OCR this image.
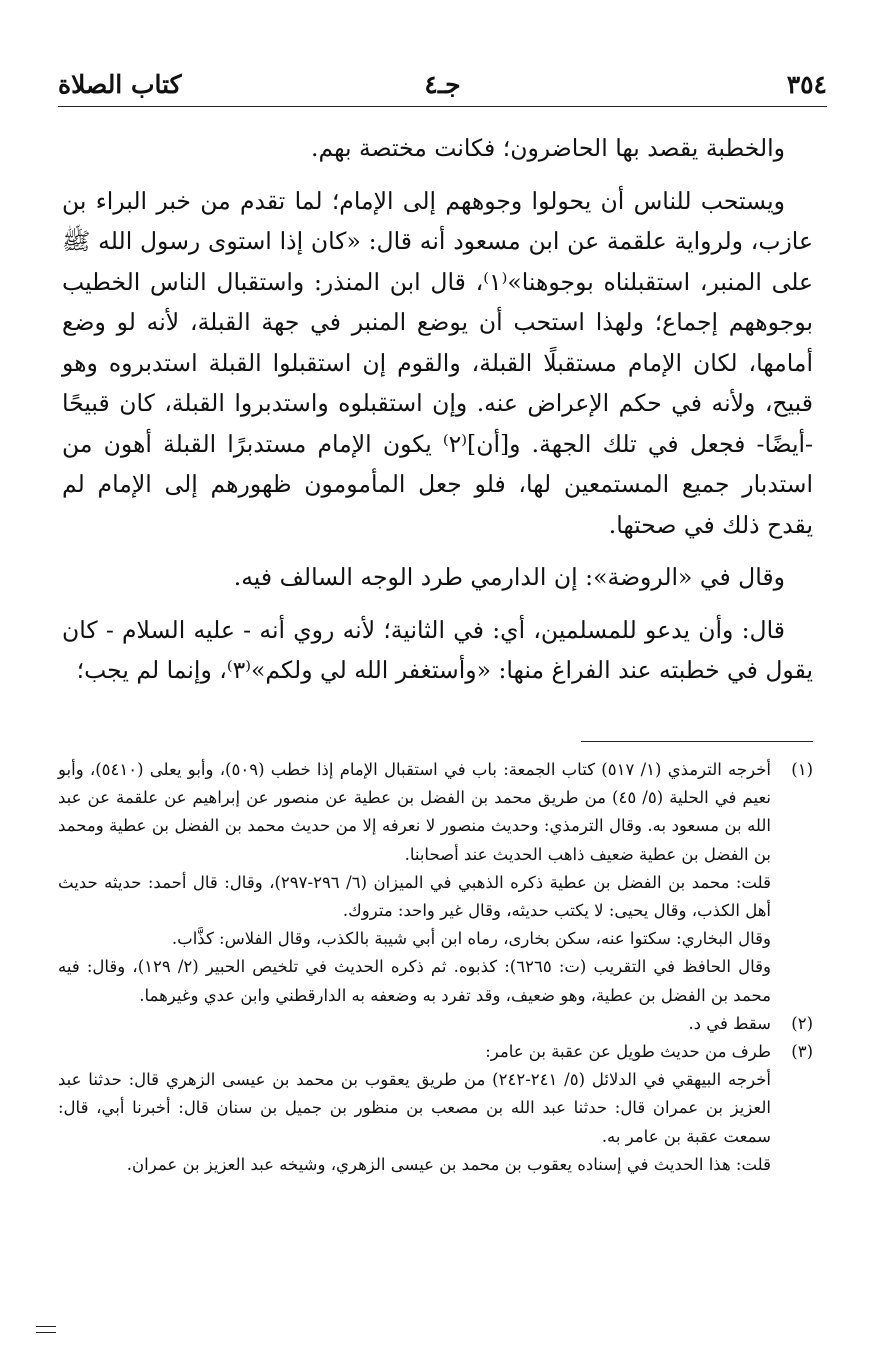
كتاب الصلاة	جـ٤	٣٥٤

والخطبة يقصد بها الحاضرون؛ فكانت مختصة بهم.

ويستحب للناس أن يحولوا وجوههم إلى الإمام؛ لما تقدم من خبر البراء بن عازب، ولرواية علقمة عن ابن مسعود أنه قال: «كان إذا استوى رسول الله ﷺ على المنبر، استقبلناه بوجوهنا»⁽١⁾، قال ابن المنذر: واستقبال الناس الخطيب بوجوههم إجماع؛ ولهذا استحب أن يوضع المنبر في جهة القبلة، لأنه لو وضع أمامها، لكان الإمام مستقبلًا القبلة، والقوم إن استقبلوا القبلة استدبروه وهو قبيح، ولأنه في حكم الإعراض عنه. وإن استقبلوه واستدبروا القبلة، كان قبيحًا -أيضًا- فجعل في تلك الجهة. و[أن]⁽٢⁾ يكون الإمام مستدبرًا القبلة أهون من استدبار جميع المستمعين لها، فلو جعل المأمومون ظهورهم إلى الإمام لم يقدح ذلك في صحتها.

وقال في «الروضة»: إن الدارمي طرد الوجه السالف فيه.

قال: وأن يدعو للمسلمين، أي: في الثانية؛ لأنه روي أنه - عليه السلام - كان يقول في خطبته عند الفراغ منها: «وأستغفر الله لي ولكم»⁽٣⁾، وإنما لم يجب؛

(١)

أخرجه الترمذي (١/ ٥١٧) كتاب الجمعة: باب في استقبال الإمام إذا خطب (٥٠٩)، وأبو يعلى (٥٤١٠)، وأبو نعيم في الحلية (٥/ ٤٥) من طريق محمد بن الفضل بن عطية عن منصور عن إبراهيم عن علقمة عن عبد الله بن مسعود به. وقال الترمذي: وحديث منصور لا نعرفه إلا من حديث محمد بن الفضل بن عطية ومحمد بن الفضل بن عطية ضعيف ذاهب الحديث عند أصحابنا.

قلت: محمد بن الفضل بن عطية ذكره الذهبي في الميزان (٦/ ٢٩٦-٢٩٧)، وقال: قال أحمد: حديثه حديث أهل الكذب، وقال يحيى: لا يكتب حديثه، وقال غير واحد: متروك.

وقال البخاري: سكتوا عنه، سكن بخارى، رماه ابن أبي شيبة بالكذب، وقال الفلاس: كذَّاب.

وقال الحافظ في التقريب (ت: ٦٢٦٥): كذبوه. ثم ذكره الحديث في تلخيص الحبير (٢/ ١٢٩)، وقال: فيه محمد بن الفضل بن عطية، وهو ضعيف، وقد تفرد به وضعفه به الدارقطني وابن عدي وغيرهما.

(٢)

سقط في د.

(٣)

طرف من حديث طويل عن عقبة بن عامر:

أخرجه البيهقي في الدلائل (٥/ ٢٤١-٢٤٢) من طريق يعقوب بن محمد بن عيسى الزهري قال: حدثنا عبد العزيز بن عمران قال: حدثنا عبد الله بن مصعب بن منظور بن جميل بن سنان قال: أخبرنا أبي، قال: سمعت عقبة بن عامر به.

قلت: هذا الحديث في إسناده يعقوب بن محمد بن عيسى الزهري، وشيخه عبد العزيز بن عمران.
